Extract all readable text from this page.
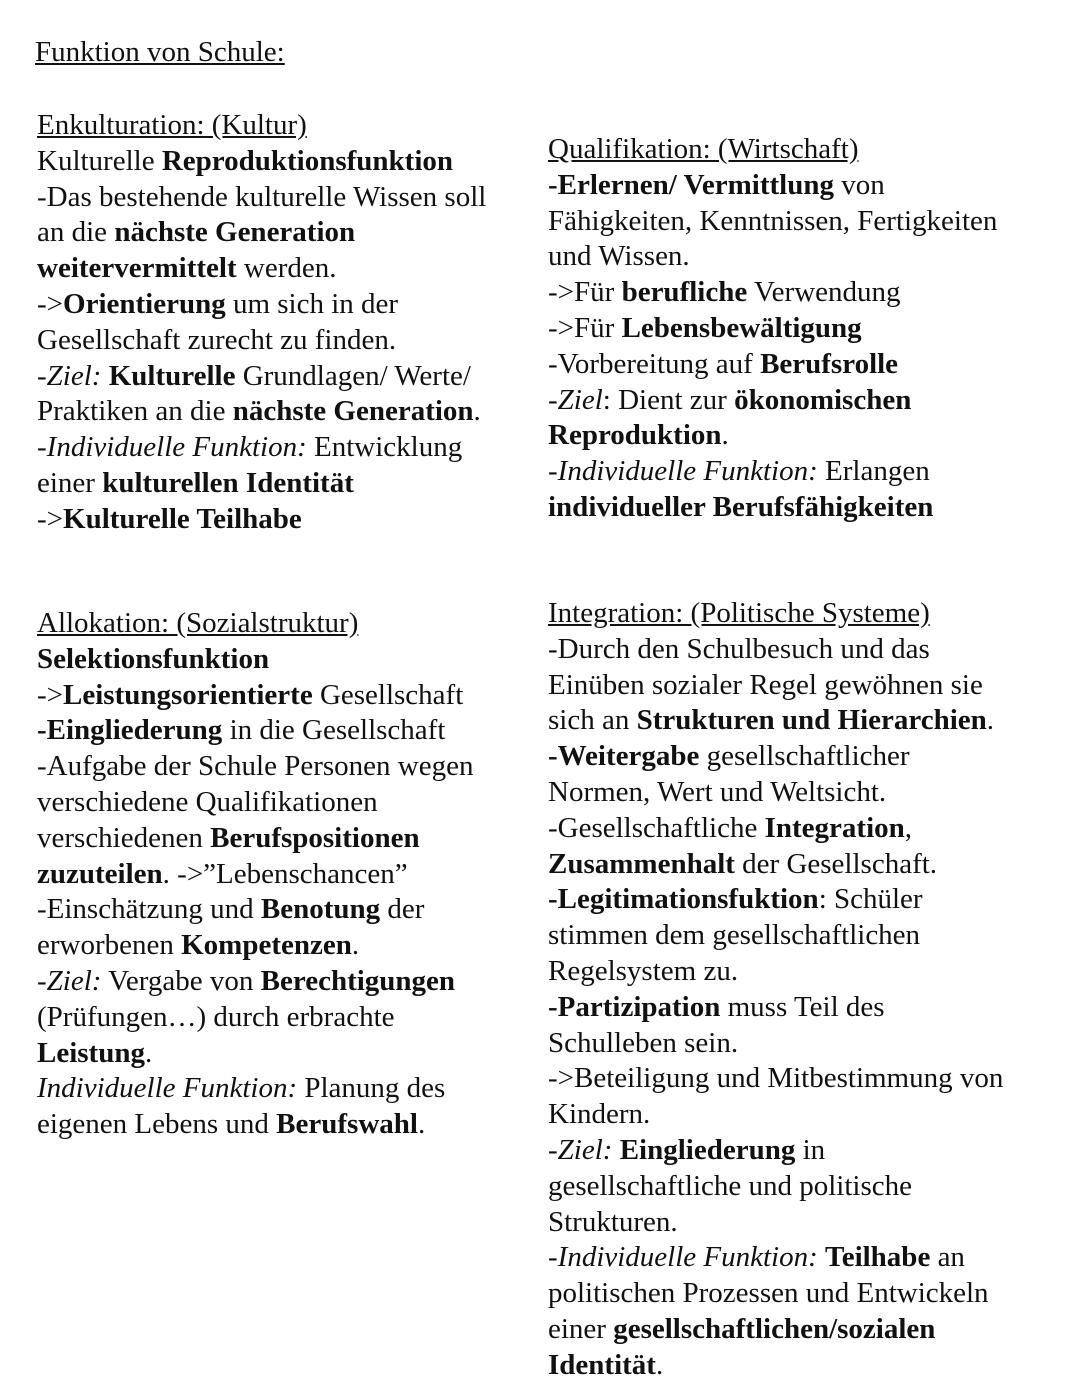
Funktion von Schule:
Enkulturation: (Kultur)
Kulturelle Reproduktionsfunktion
-Das bestehende kulturelle Wissen soll
an die nächste Generation
weitervermittelt werden.
->Orientierung um sich in der
Gesellschaft zurecht zu finden.
-Ziel: Kulturelle Grundlagen/ Werte/
Praktiken an die nächste Generation.
-Individuelle Funktion: Entwicklung
einer kulturellen Identität
->Kulturelle Teilhabe
Qualifikation: (Wirtschaft)
-Erlernen/ Vermittlung von
Fähigkeiten, Kenntnissen, Fertigkeiten
und Wissen.
->Für berufliche Verwendung
->Für Lebensbewältigung
-Vorbereitung auf Berufsrolle
-Ziel: Dient zur ökonomischen
Reproduktion.
-Individuelle Funktion: Erlangen
individueller Berufsfähigkeiten
Allokation: (Sozialstruktur)
Selektionsfunktion
->Leistungsorientierte Gesellschaft
-Eingliederung in die Gesellschaft
-Aufgabe der Schule Personen wegen
verschiedene Qualifikationen
verschiedenen Berufspositionen
zuzuteilen. ->”Lebenschancen”
-Einschätzung und Benotung der
erworbenen Kompetenzen.
-Ziel: Vergabe von Berechtigungen
(Prüfungen…) durch erbrachte
Leistung.
Individuelle Funktion: Planung des
eigenen Lebens und Berufswahl.
Integration: (Politische Systeme)
-Durch den Schulbesuch und das
Einüben sozialer Regel gewöhnen sie
sich an Strukturen und Hierarchien.
-Weitergabe gesellschaftlicher
Normen, Wert und Weltsicht.
-Gesellschaftliche Integration,
Zusammenhalt der Gesellschaft.
-Legitimationsfuktion: Schüler
stimmen dem gesellschaftlichen
Regelsystem zu.
-Partizipation muss Teil des
Schulleben sein.
->Beteiligung und Mitbestimmung von
Kindern.
-Ziel: Eingliederung in
gesellschaftliche und politische
Strukturen.
-Individuelle Funktion: Teilhabe an
politischen Prozessen und Entwickeln
einer gesellschaftlichen/sozialen
Identität.
